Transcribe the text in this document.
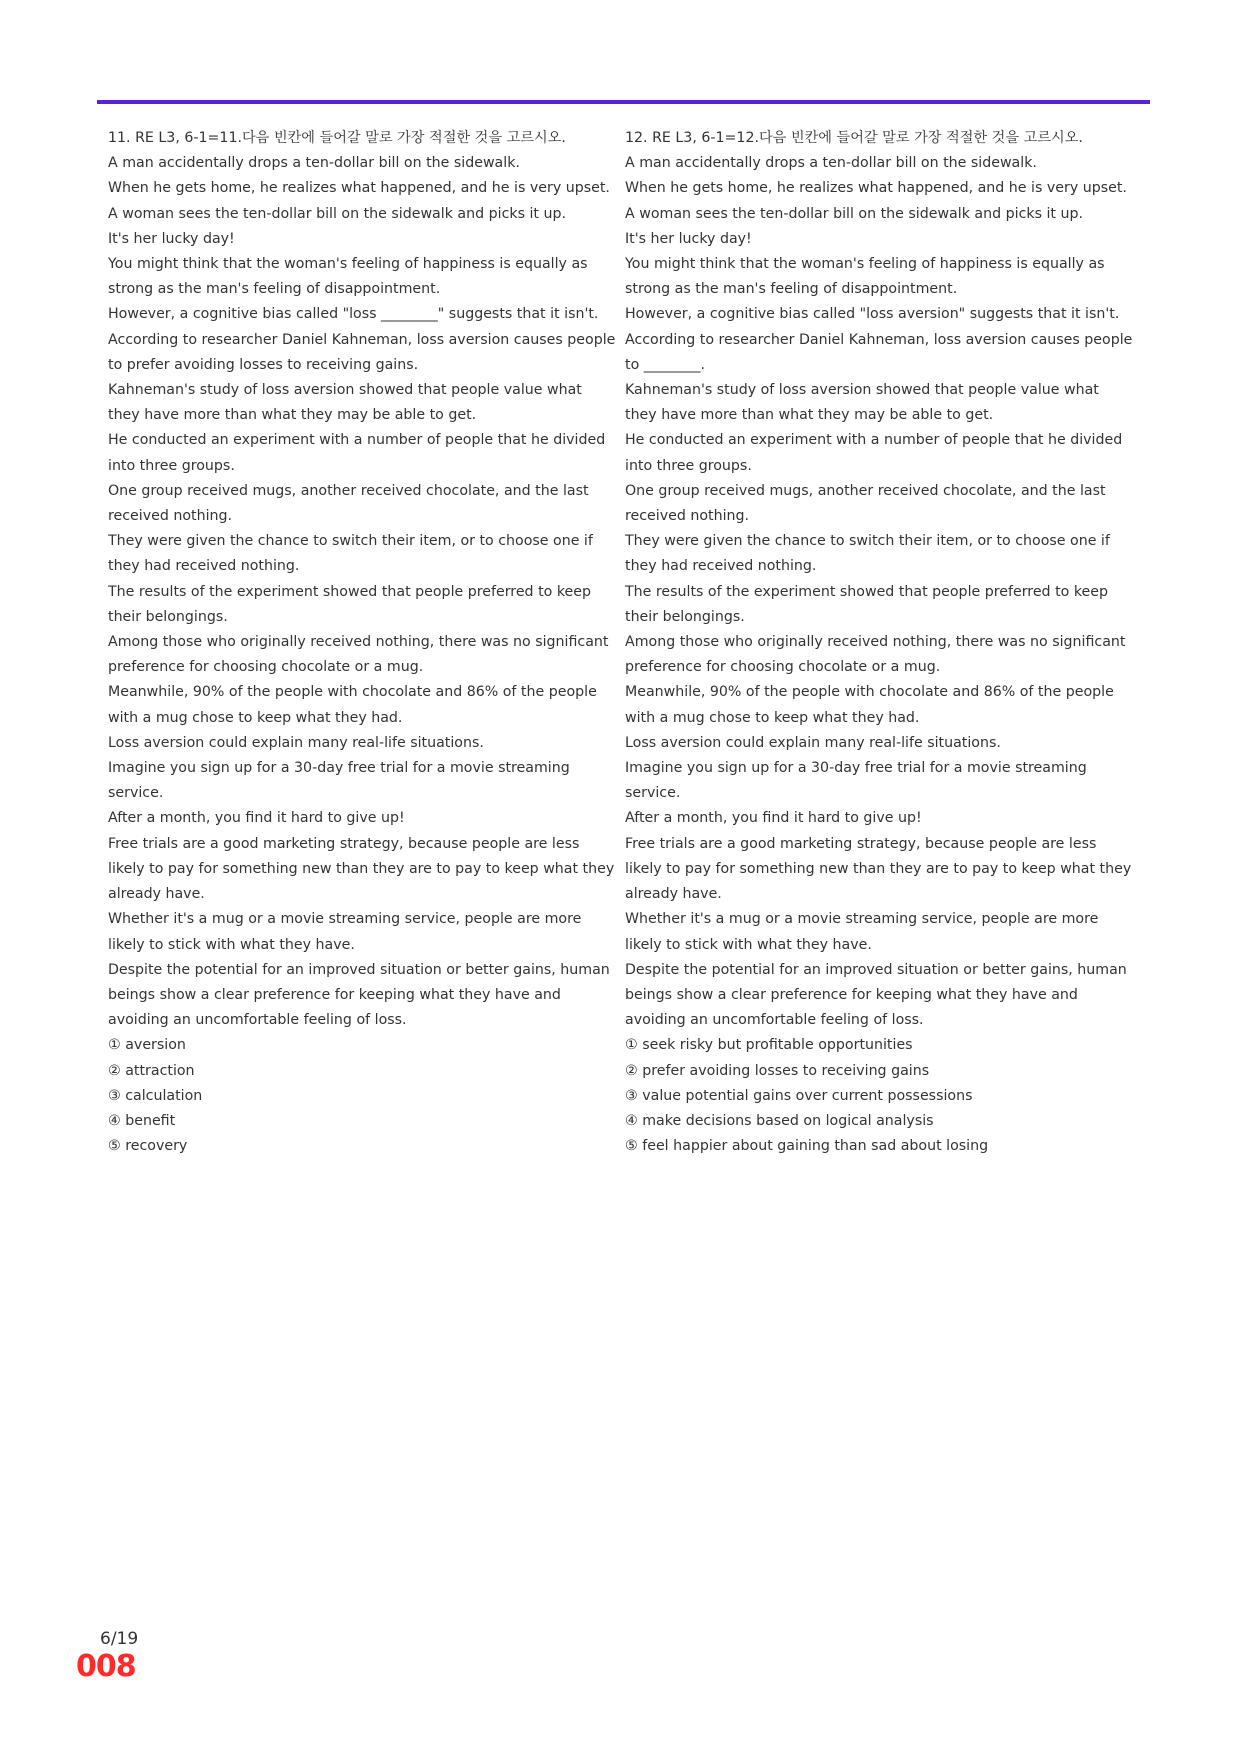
11. RE L3, 6-1=11.다음 빈칸에 들어갈 말로 가장 적절한 것을 고르시오.

A man accidentally drops a ten-dollar bill on the sidewalk.

When he gets home, he realizes what happened, and he is very upset.

A woman sees the ten-dollar bill on the sidewalk and picks it up.

It's her lucky day!

You might think that the woman's feeling of happiness is equally as strong as the man's feeling of disappointment.

However, a cognitive bias called "loss ________" suggests that it isn't.

According to researcher Daniel Kahneman, loss aversion causes people to prefer avoiding losses to receiving gains.

Kahneman's study of loss aversion showed that people value what they have more than what they may be able to get.

He conducted an experiment with a number of people that he divided into three groups.

One group received mugs, another received chocolate, and the last received nothing.

They were given the chance to switch their item, or to choose one if they had received nothing.

The results of the experiment showed that people preferred to keep their belongings.

Among those who originally received nothing, there was no significant preference for choosing chocolate or a mug.

Meanwhile, 90% of the people with chocolate and 86% of the people with a mug chose to keep what they had.

Loss aversion could explain many real-life situations.

Imagine you sign up for a 30-day free trial for a movie streaming service.

After a month, you find it hard to give up!

Free trials are a good marketing strategy, because people are less likely to pay for something new than they are to pay to keep what they already have.

Whether it's a mug or a movie streaming service, people are more likely to stick with what they have.

Despite the potential for an improved situation or better gains, human beings show a clear preference for keeping what they have and avoiding an uncomfortable feeling of loss.

① aversion

② attraction

③ calculation

④ benefit

⑤ recovery

12. RE L3, 6-1=12.다음 빈칸에 들어갈 말로 가장 적절한 것을 고르시오.

A man accidentally drops a ten-dollar bill on the sidewalk.

When he gets home, he realizes what happened, and he is very upset.

A woman sees the ten-dollar bill on the sidewalk and picks it up.

It's her lucky day!

You might think that the woman's feeling of happiness is equally as strong as the man's feeling of disappointment.

However, a cognitive bias called "loss aversion" suggests that it isn't.

According to researcher Daniel Kahneman, loss aversion causes people to ________.

Kahneman's study of loss aversion showed that people value what they have more than what they may be able to get.

He conducted an experiment with a number of people that he divided into three groups.

One group received mugs, another received chocolate, and the last received nothing.

They were given the chance to switch their item, or to choose one if they had received nothing.

The results of the experiment showed that people preferred to keep their belongings.

Among those who originally received nothing, there was no significant preference for choosing chocolate or a mug.

Meanwhile, 90% of the people with chocolate and 86% of the people with a mug chose to keep what they had.

Loss aversion could explain many real-life situations.

Imagine you sign up for a 30-day free trial for a movie streaming service.

After a month, you find it hard to give up!

Free trials are a good marketing strategy, because people are less likely to pay for something new than they are to pay to keep what they already have.

Whether it's a mug or a movie streaming service, people are more likely to stick with what they have.

Despite the potential for an improved situation or better gains, human beings show a clear preference for keeping what they have and avoiding an uncomfortable feeling of loss.

① seek risky but profitable opportunities

② prefer avoiding losses to receiving gains

③ value potential gains over current possessions

④ make decisions based on logical analysis

⑤ feel happier about gaining than sad about losing

6/19
008
